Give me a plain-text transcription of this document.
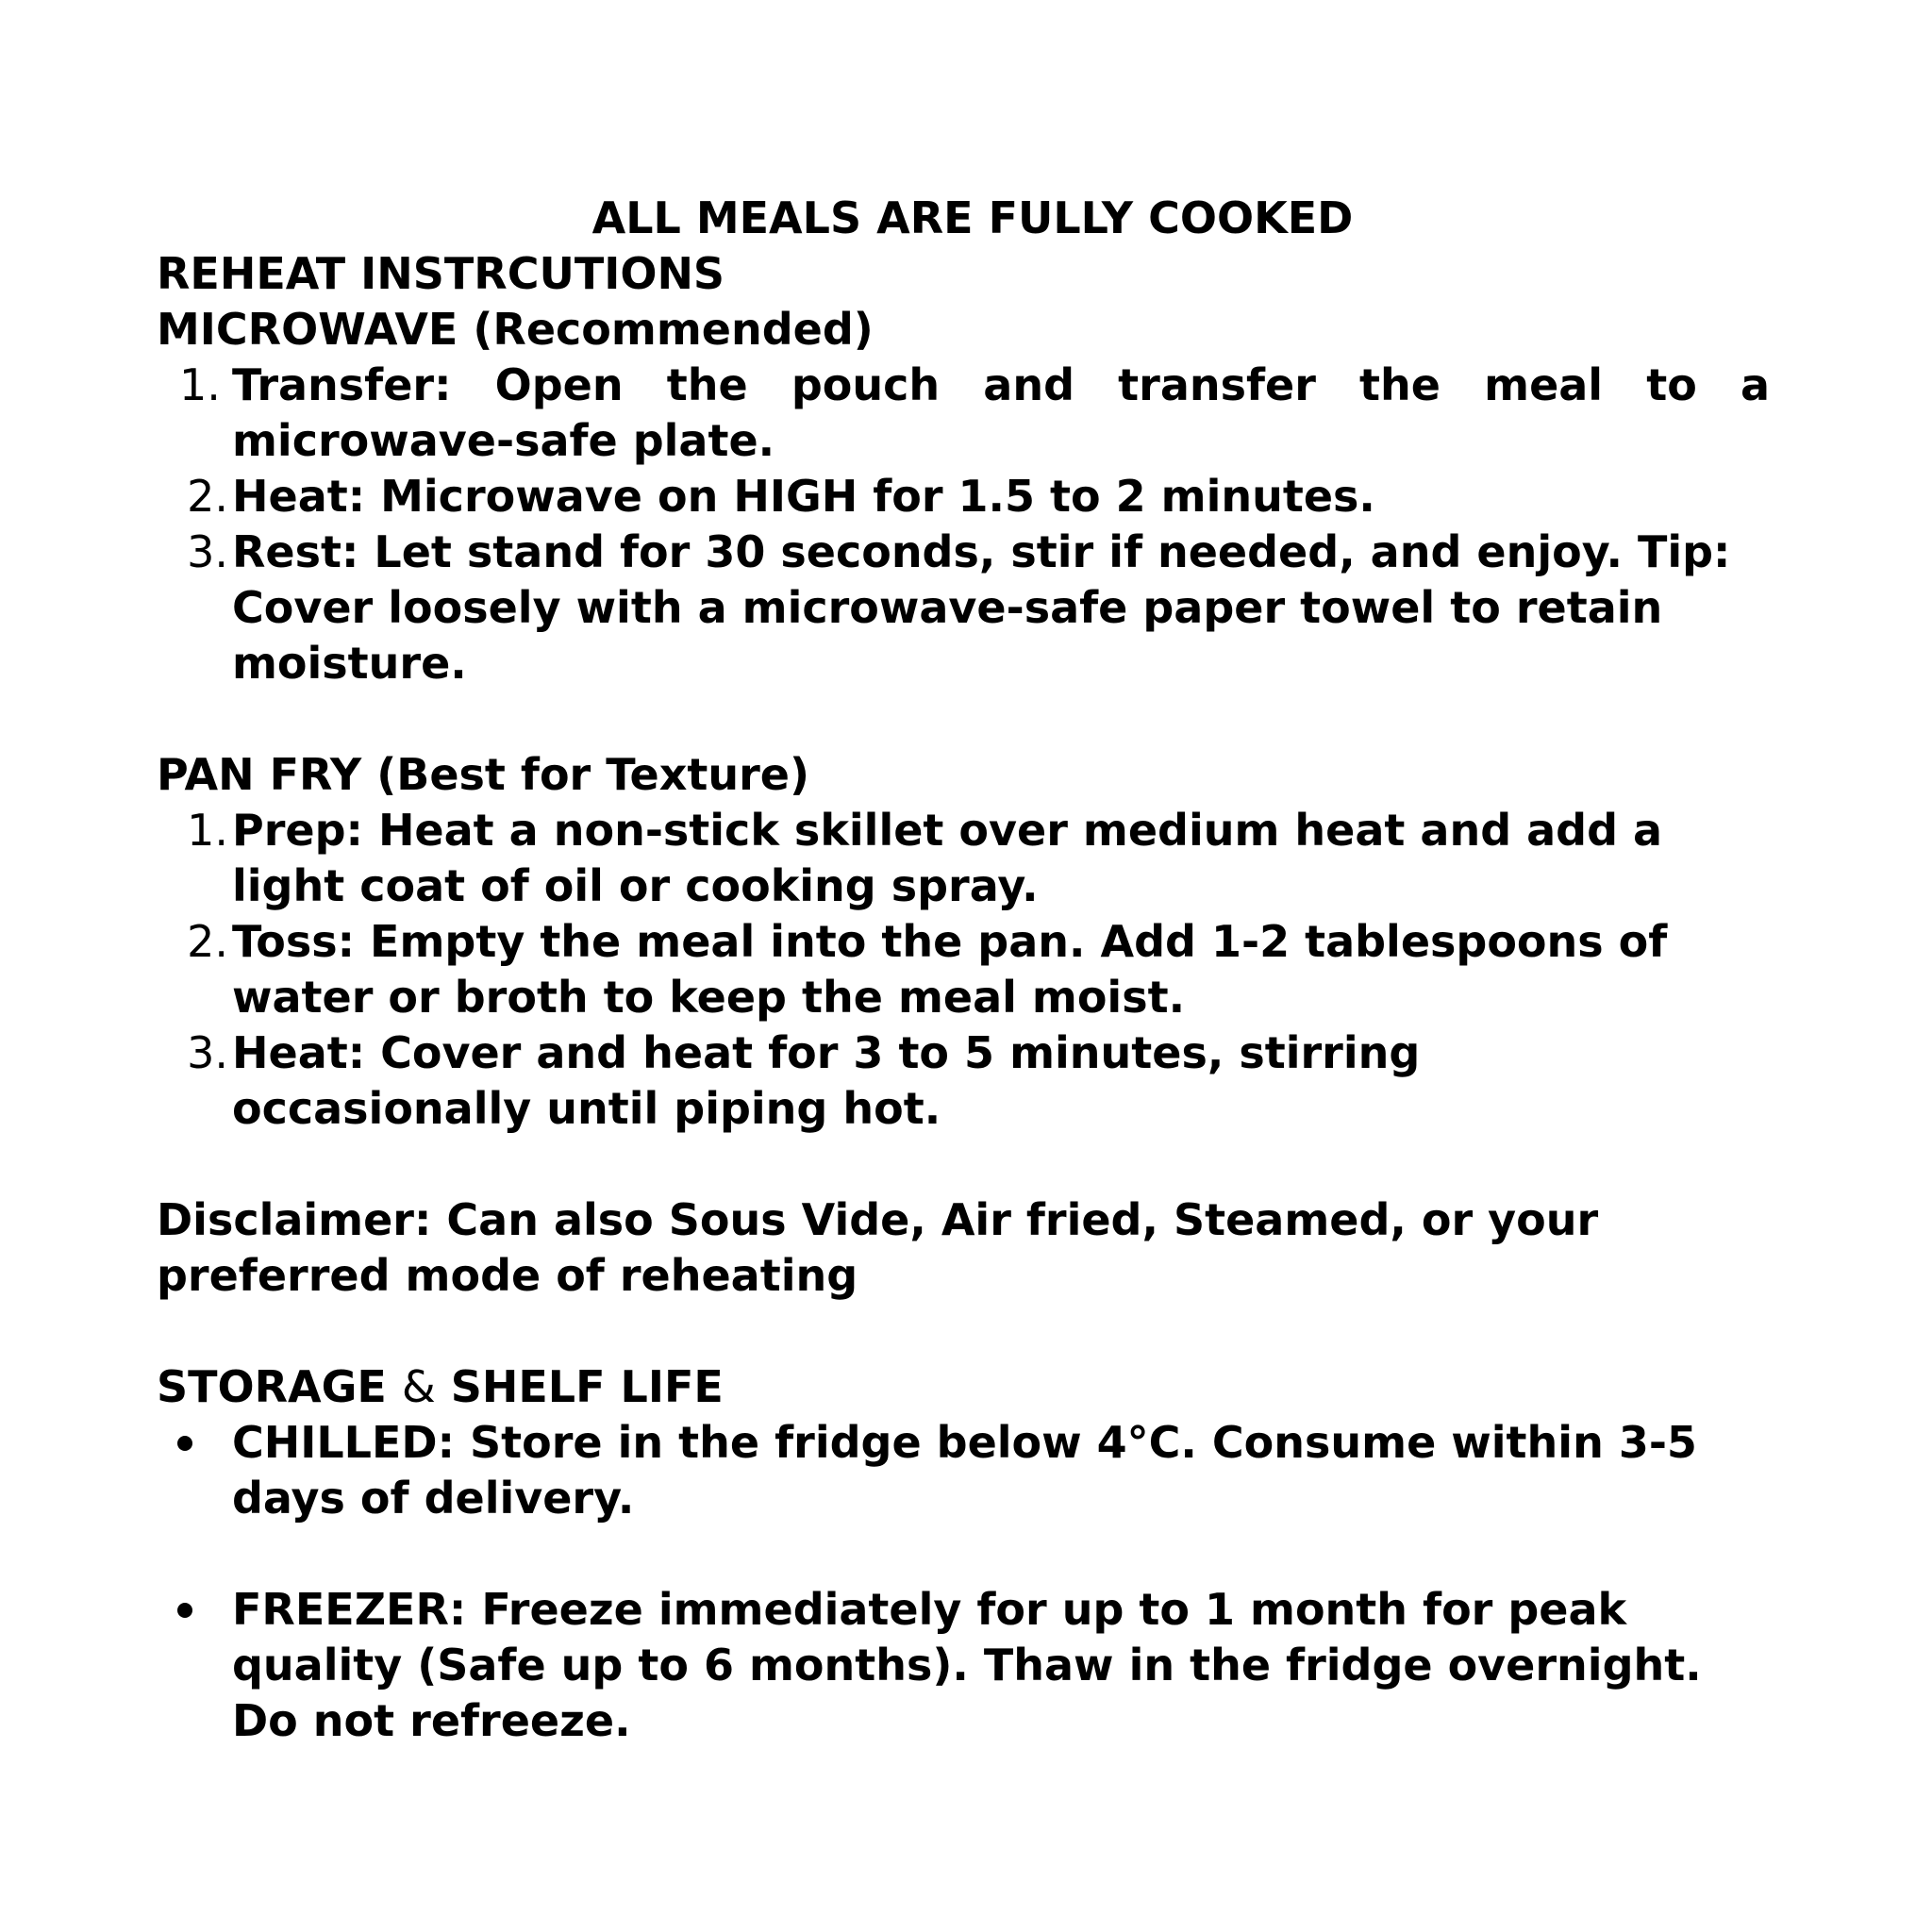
ALL MEALS ARE FULLY COOKED

REHEAT INSTRCUTIONS

MICROWAVE (Recommended)

1. Transfer: Open the pouch and transfer the meal to a microwave-safe plate.

2. Heat: Microwave on HIGH for 1.5 to 2 minutes.

3. Rest: Let stand for 30 seconds, stir if needed, and enjoy. Tip: Cover loosely with a microwave-safe paper towel to retain moisture.

PAN FRY (Best for Texture)

1. Prep: Heat a non-stick skillet over medium heat and add a light coat of oil or cooking spray.

2. Toss: Empty the meal into the pan. Add 1-2 tablespoons of water or broth to keep the meal moist.

3. Heat: Cover and heat for 3 to 5 minutes, stirring occasionally until piping hot.

Disclaimer: Can also Sous Vide, Air fried, Steamed, or your preferred mode of reheating

STORAGE & SHELF LIFE

CHILLED: Store in the fridge below 4°C. Consume within 3-5 days of delivery.

FREEZER: Freeze immediately for up to 1 month for peak quality (Safe up to 6 months). Thaw in the fridge overnight. Do not refreeze.
